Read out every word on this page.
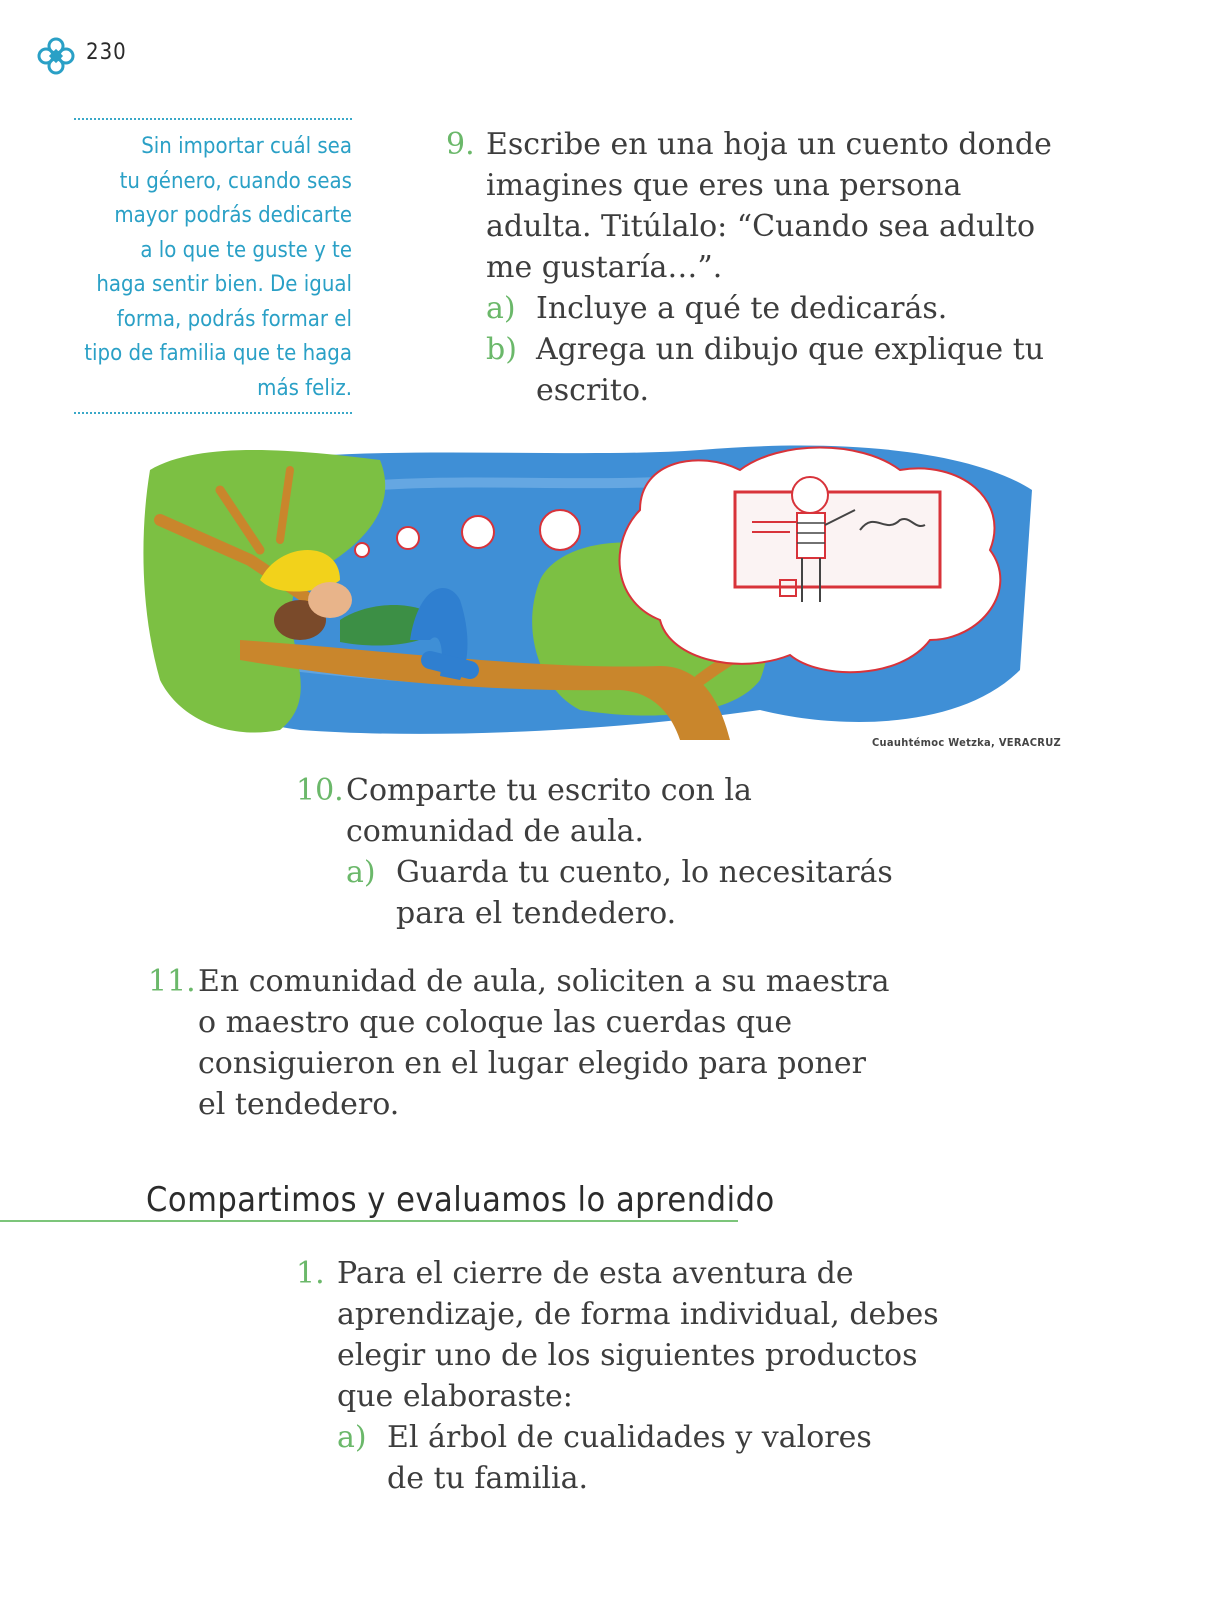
230
Sin importar cuál sea
tu género, cuando seas
mayor podrás dedicarte
a lo que te guste y te
haga sentir bien. De igual
forma, podrás formar el
tipo de familia que te haga
más feliz.
9. Escribe en una hoja un cuento donde
imagines que eres una persona
adulta. Titúlalo: “Cuando sea adulto
me gustaría…”.
a) Incluye a qué te dedicarás.
b) Agrega un dibujo que explique tu
escrito.
Cuauhtémoc Wetzka, VERACRUZ
10. Comparte tu escrito con la
comunidad de aula.
a) Guarda tu cuento, lo necesitarás
para el tendedero.
11. En comunidad de aula, soliciten a su maestra
o maestro que coloque las cuerdas que
consiguieron en el lugar elegido para poner
el tendedero.
Compartimos y evaluamos lo aprendido
1. Para el cierre de esta aventura de
aprendizaje, de forma individual, debes
elegir uno de los siguientes productos
que elaboraste:
a) El árbol de cualidades y valores
de tu familia.
